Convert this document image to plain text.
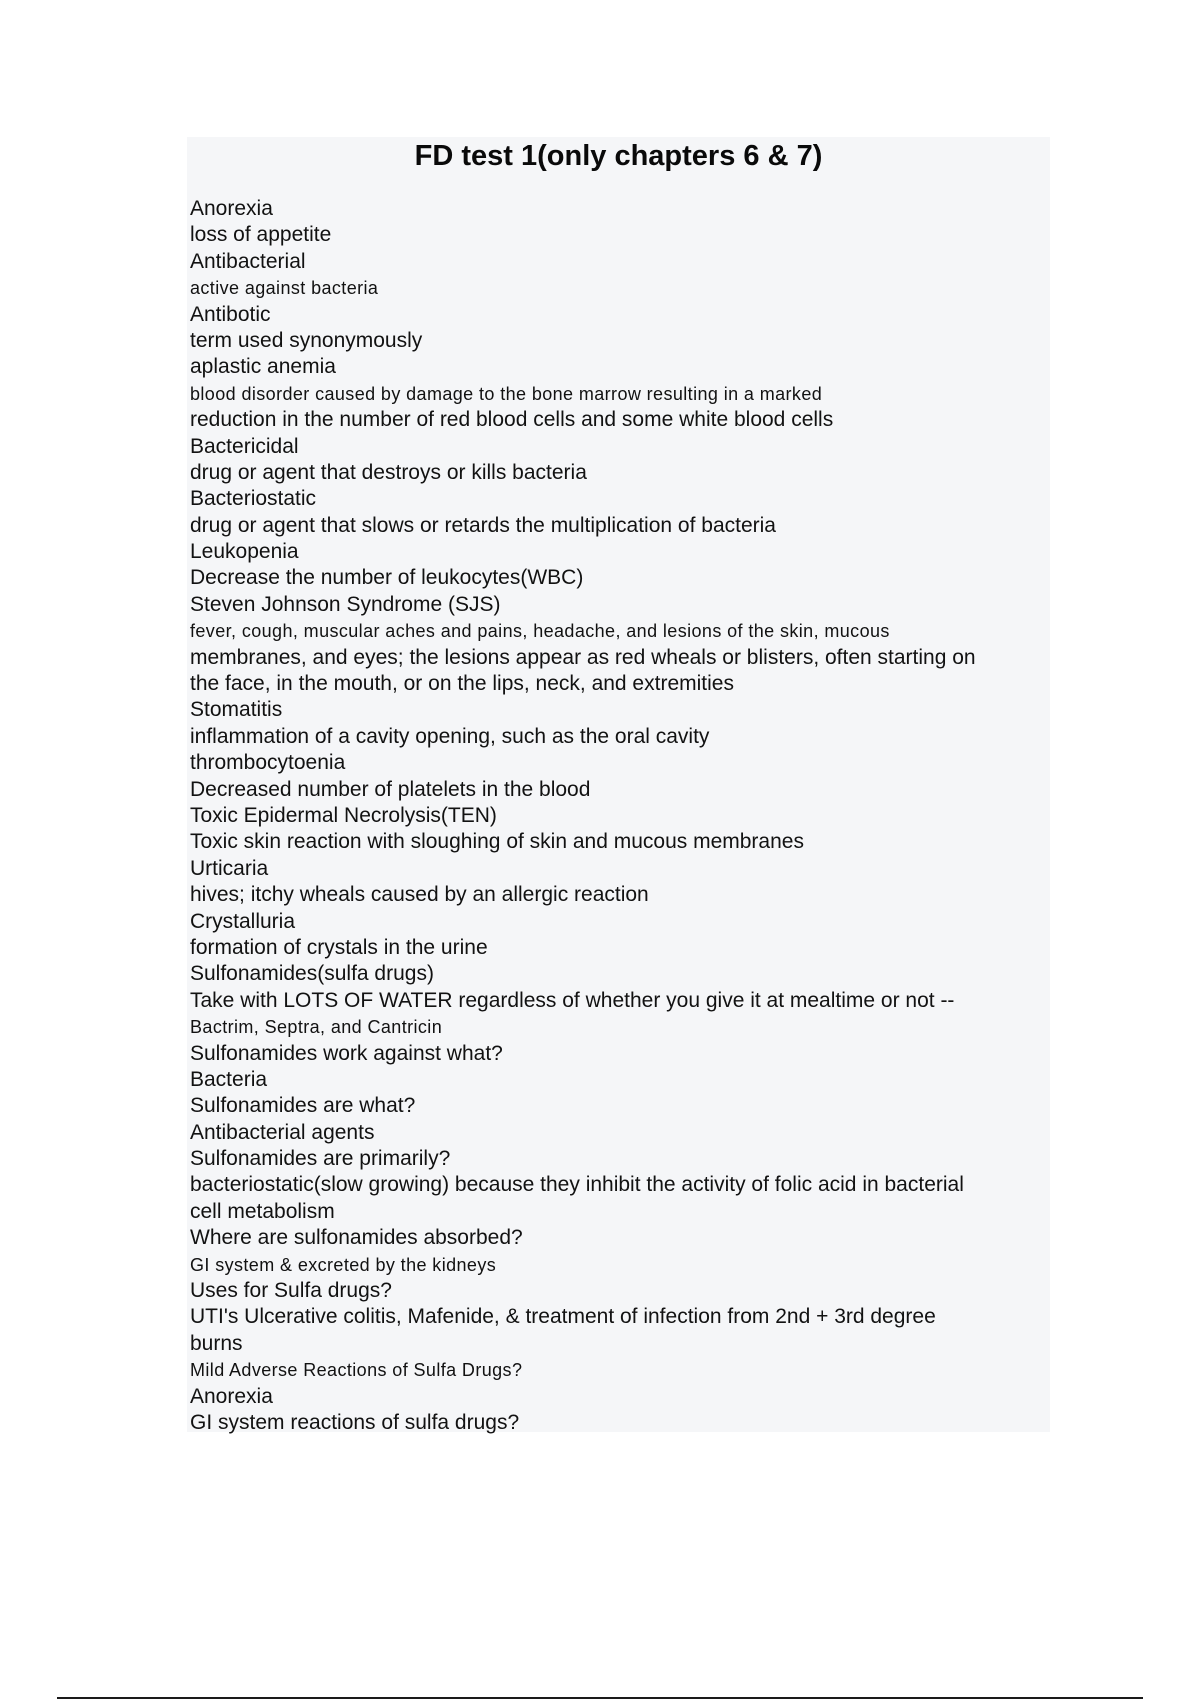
FD test 1(only chapters 6 & 7)
Anorexia
loss of appetite
Antibacterial
active against bacteria
Antibotic
term used synonymously
aplastic anemia
blood disorder caused by damage to the bone marrow resulting in a marked
reduction in the number of red blood cells and some white blood cells
Bactericidal
drug or agent that destroys or kills bacteria
Bacteriostatic
drug or agent that slows or retards the multiplication of bacteria
Leukopenia
Decrease the number of leukocytes(WBC)
Steven Johnson Syndrome (SJS)
fever, cough, muscular aches and pains, headache, and lesions of the skin, mucous
membranes, and eyes; the lesions appear as red wheals or blisters, often starting on
the face, in the mouth, or on the lips, neck, and extremities
Stomatitis
inflammation of a cavity opening, such as the oral cavity
thrombocytoenia
Decreased number of platelets in the blood
Toxic Epidermal Necrolysis(TEN)
Toxic skin reaction with sloughing of skin and mucous membranes
Urticaria
hives; itchy wheals caused by an allergic reaction
Crystalluria
formation of crystals in the urine
Sulfonamides(sulfa drugs)
Take with LOTS OF WATER regardless of whether you give it at mealtime or not --
Bactrim, Septra, and Cantricin
Sulfonamides work against what?
Bacteria
Sulfonamides are what?
Antibacterial agents
Sulfonamides are primarily?
bacteriostatic(slow growing) because they inhibit the activity of folic acid in bacterial
cell metabolism
Where are sulfonamides absorbed?
GI system & excreted by the kidneys
Uses for Sulfa drugs?
UTI's Ulcerative colitis, Mafenide, & treatment of infection from 2nd + 3rd degree
burns
Mild Adverse Reactions of Sulfa Drugs?
Anorexia
GI system reactions of sulfa drugs?
